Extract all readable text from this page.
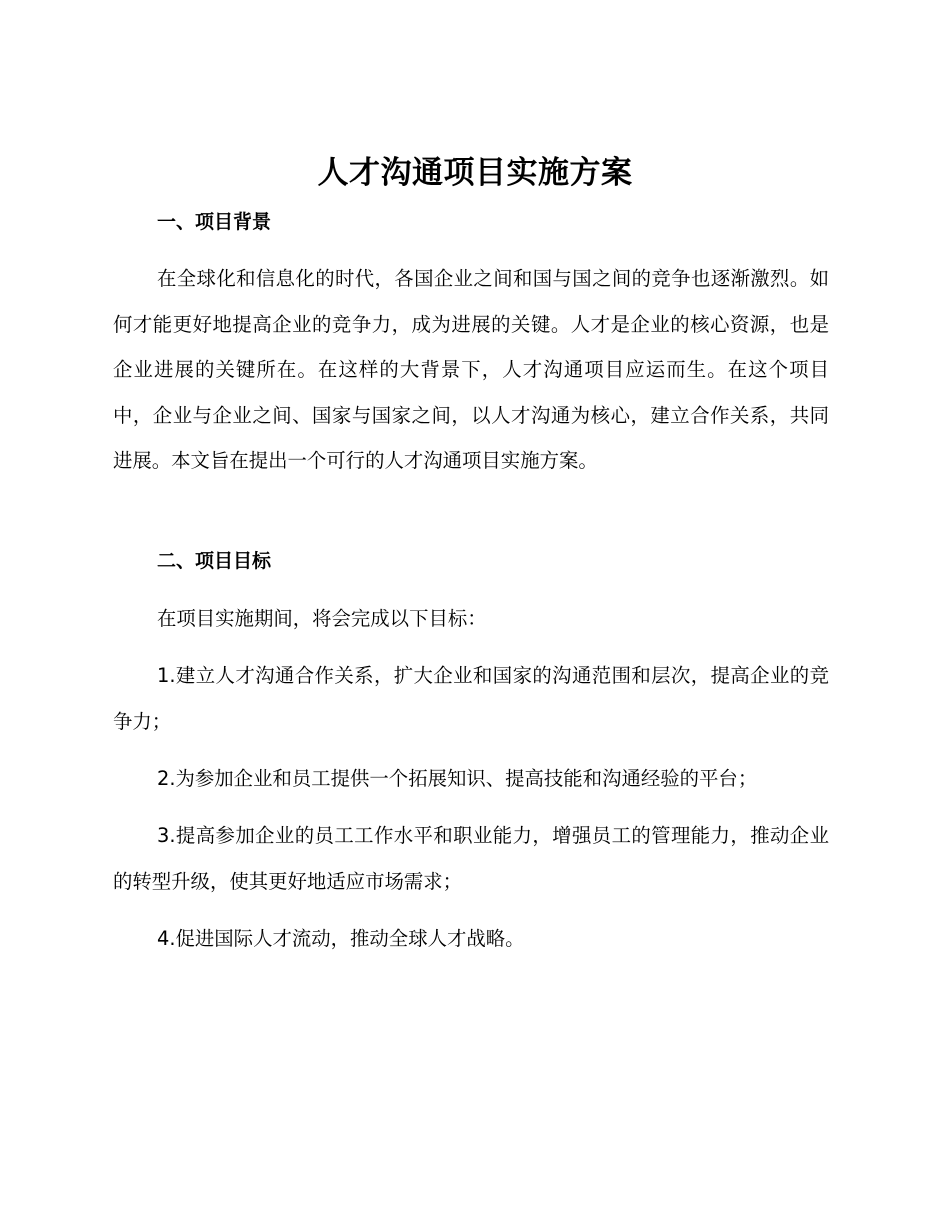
人才沟通项目实施方案
一、项目背景

在全球化和信息化的时代，各国企业之间和国与国之间的竞争也逐渐激烈。如何才能更好地提高企业的竞争力，成为进展的关键。人才是企业的核心资源，也是企业进展的关键所在。在这样的大背景下，人才沟通项目应运而生。在这个项目中，企业与企业之间、国家与国家之间，以人才沟通为核心，建立合作关系，共同进展。本文旨在提出一个可行的人才沟通项目实施方案。

二、项目目标

在项目实施期间，将会完成以下目标：

1.建立人才沟通合作关系，扩大企业和国家的沟通范围和层次，提高企业的竞争力；

2.为参加企业和员工提供一个拓展知识、提高技能和沟通经验的平台；

3.提高参加企业的员工工作水平和职业能力，增强员工的管理能力，推动企业的转型升级，使其更好地适应市场需求；

4.促进国际人才流动，推动全球人才战略。
